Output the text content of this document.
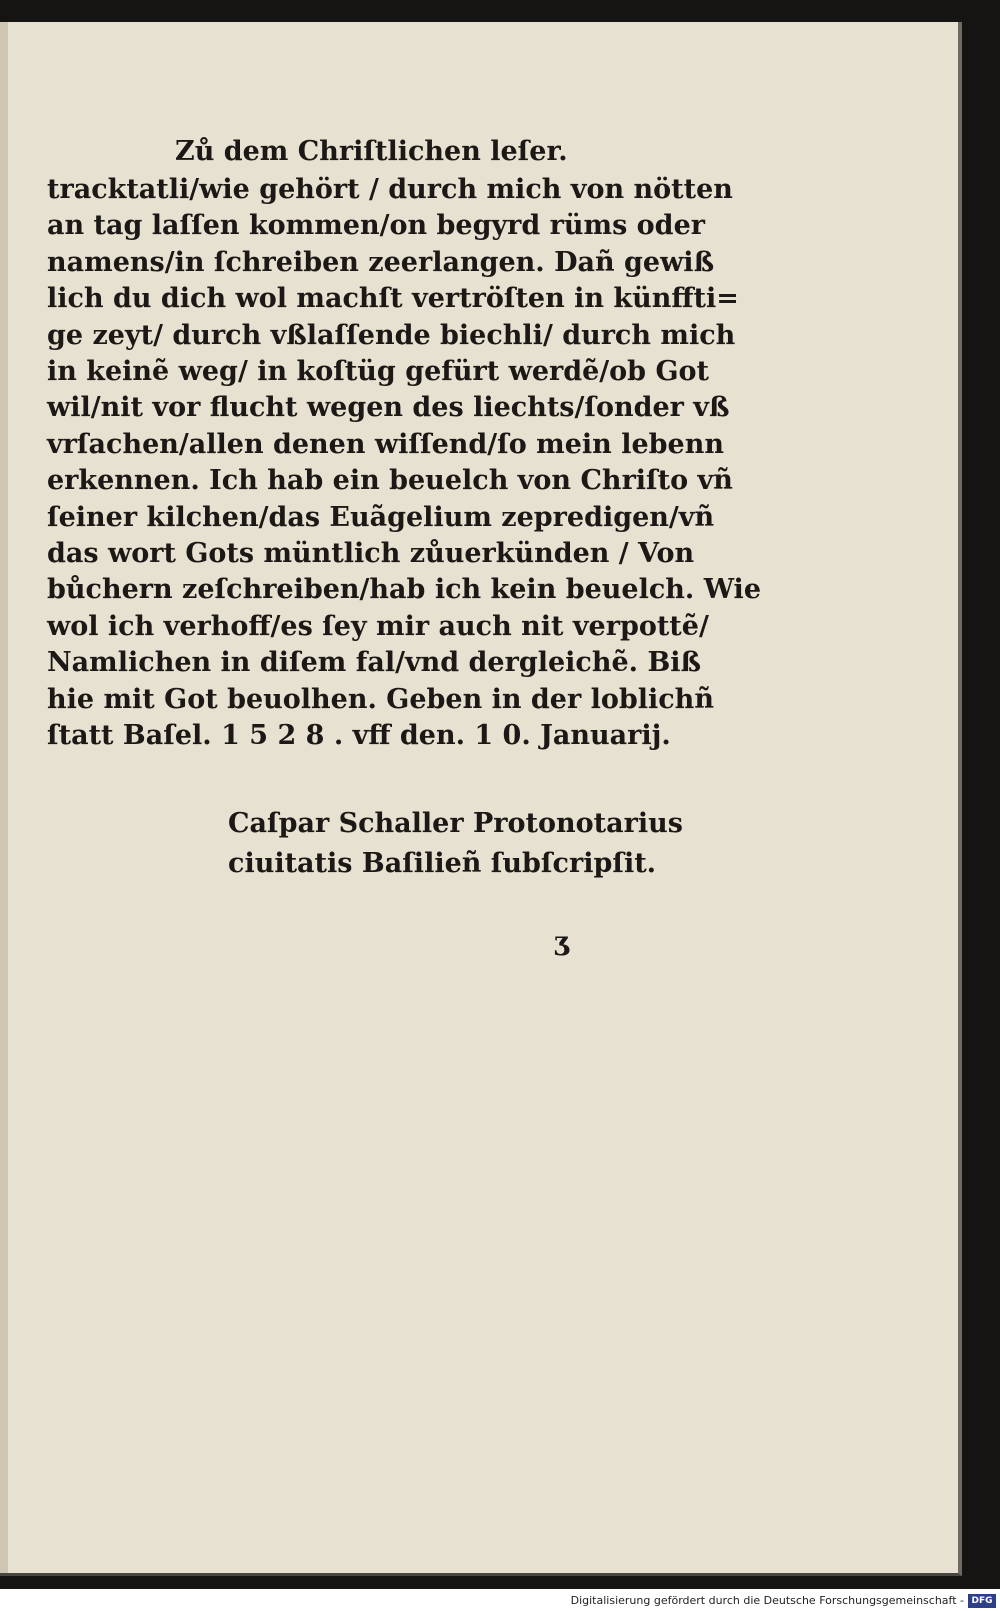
Zů dem Chriſtlichen leſer.
tracktatli/wie gehört / durch mich von nötten
an tag laſſen kommen/on begyrd rüms oder
namens/in ſchreiben zeerlangen. Dañ gewiß
lich du dich wol machſt vertröſten in künffti=
ge zeyt/ durch vßlaſſende biechli/ durch mich
in keinẽ weg/ in koſtüg gefürt werdẽ/ob Got
wil/nit vor flucht wegen des liechts/ſonder vß
vrſachen/allen denen wiſſend/ſo mein lebenn
erkennen. Ich hab ein beuelch von Chriſto vñ
ſeiner kilchen/das Euãgelium zepredigen/vñ
das wort Gots müntlich zůuerkünden / Von
bůchern zeſchreiben/hab ich kein beuelch. Wie
wol ich verhoff/es ſey mir auch nit verpottẽ/
Namlichen in diſem fal/vnd dergleichẽ. Biß
hie mit Got beuolhen. Geben in der loblichñ
ſtatt Baſel. 1 5 2 8 . vff den. 1 0. Januarij.
Caſpar Schaller Protonotarius
ciuitatis Baſilieñ ſubſcripſit.
ʒ
Digitalisierung gefördert durch die Deutsche Forschungsgemeinschaft - DFG
